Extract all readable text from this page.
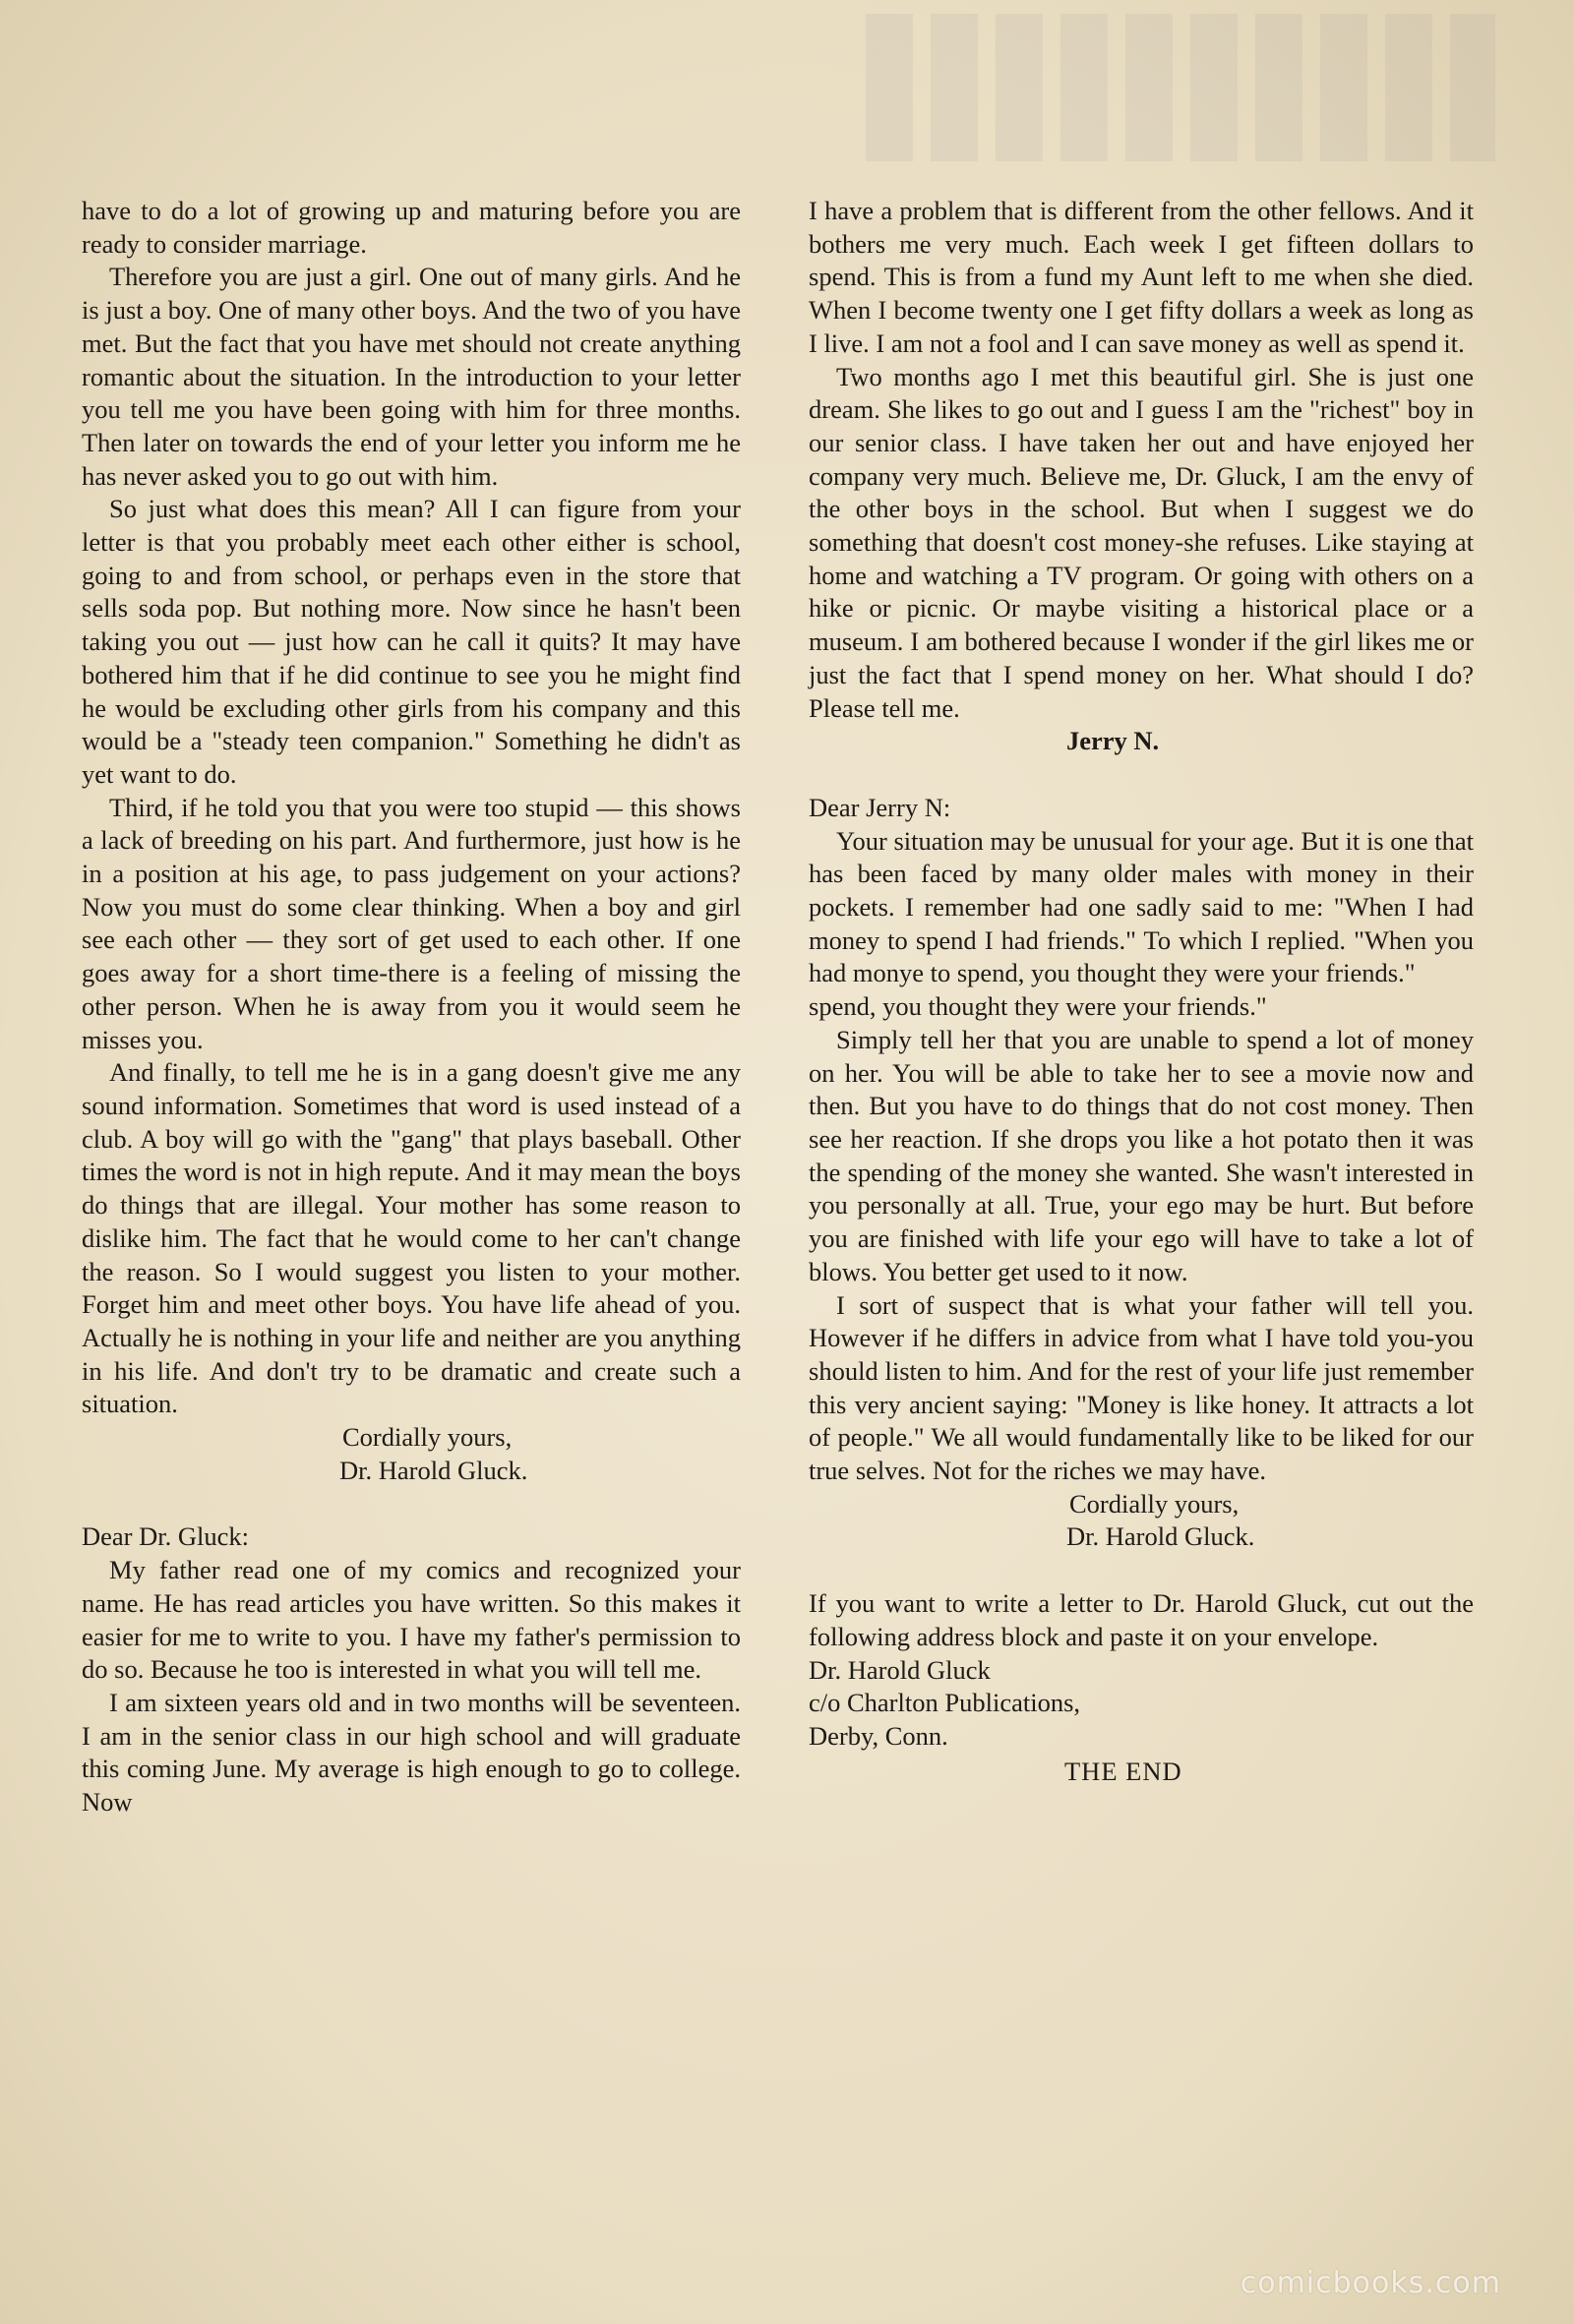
have to do a lot of growing up and maturing before you are ready to consider marriage.

Therefore you are just a girl. One out of many girls. And he is just a boy. One of many other boys. And the two of you have met. But the fact that you have met should not create anything romantic about the situation. In the introduction to your letter you tell me you have been going with him for three months. Then later on towards the end of your letter you inform me he has never asked you to go out with him.

So just what does this mean? All I can figure from your letter is that you probably meet each other either is school, going to and from school, or perhaps even in the store that sells soda pop. But nothing more. Now since he hasn't been taking you out — just how can he call it quits? It may have bothered him that if he did continue to see you he might find he would be excluding other girls from his company and this would be a "steady teen companion." Something he didn't as yet want to do.

Third, if he told you that you were too stupid — this shows a lack of breeding on his part. And furthermore, just how is he in a position at his age, to pass judgement on your actions? Now you must do some clear thinking. When a boy and girl see each other — they sort of get used to each other. If one goes away for a short time-there is a feeling of missing the other person. When he is away from you it would seem he misses you.

And finally, to tell me he is in a gang doesn't give me any sound information. Sometimes that word is used instead of a club. A boy will go with the "gang" that plays baseball. Other times the word is not in high repute. And it may mean the boys do things that are illegal. Your mother has some reason to dislike him. The fact that he would come to her can't change the reason. So I would suggest you listen to your mother. Forget him and meet other boys. You have life ahead of you. Actually he is nothing in your life and neither are you anything in his life. And don't try to be dramatic and create such a situation.

Cordially yours,

Dr. Harold Gluck.

Dear Dr. Gluck:

My father read one of my comics and recognized your name. He has read articles you have written. So this makes it easier for me to write to you. I have my father's permission to do so. Because he too is interested in what you will tell me.

I am sixteen years old and in two months will be seventeen. I am in the senior class in our high school and will graduate this coming June. My average is high enough to go to college. Now

I have a problem that is different from the other fellows. And it bothers me very much. Each week I get fifteen dollars to spend. This is from a fund my Aunt left to me when she died. When I become twenty one I get fifty dollars a week as long as I live. I am not a fool and I can save money as well as spend it.

Two months ago I met this beautiful girl. She is just one dream. She likes to go out and I guess I am the "richest" boy in our senior class. I have taken her out and have enjoyed her company very much. Believe me, Dr. Gluck, I am the envy of the other boys in the school. But when I suggest we do something that doesn't cost money-she refuses. Like staying at home and watching a TV program. Or going with others on a hike or picnic. Or maybe visiting a historical place or a museum. I am bothered because I wonder if the girl likes me or just the fact that I spend money on her. What should I do? Please tell me.

Jerry N.

Dear Jerry N:

Your situation may be unusual for your age. But it is one that has been faced by many older males with money in their pockets. I remember had one sadly said to me: "When I had money to spend I had friends." To which I replied. "When you had monye to spend, you thought they were your friends."

spend, you thought they were your friends."

Simply tell her that you are unable to spend a lot of money on her. You will be able to take her to see a movie now and then. But you have to do things that do not cost money. Then see her reaction. If she drops you like a hot potato then it was the spending of the money she wanted. She wasn't interested in you personally at all. True, your ego may be hurt. But before you are finished with life your ego will have to take a lot of blows. You better get used to it now.

I sort of suspect that is what your father will tell you. However if he differs in advice from what I have told you-you should listen to him. And for the rest of your life just remember this very ancient saying: "Money is like honey. It attracts a lot of people." We all would fundamentally like to be liked for our true selves. Not for the riches we may have.

Cordially yours,

Dr. Harold Gluck.

If you want to write a letter to Dr. Harold Gluck, cut out the following address block and paste it on your envelope.

Dr. Harold Gluck

c/o Charlton Publications,

Derby, Conn.

THE END

comicbooks.com
